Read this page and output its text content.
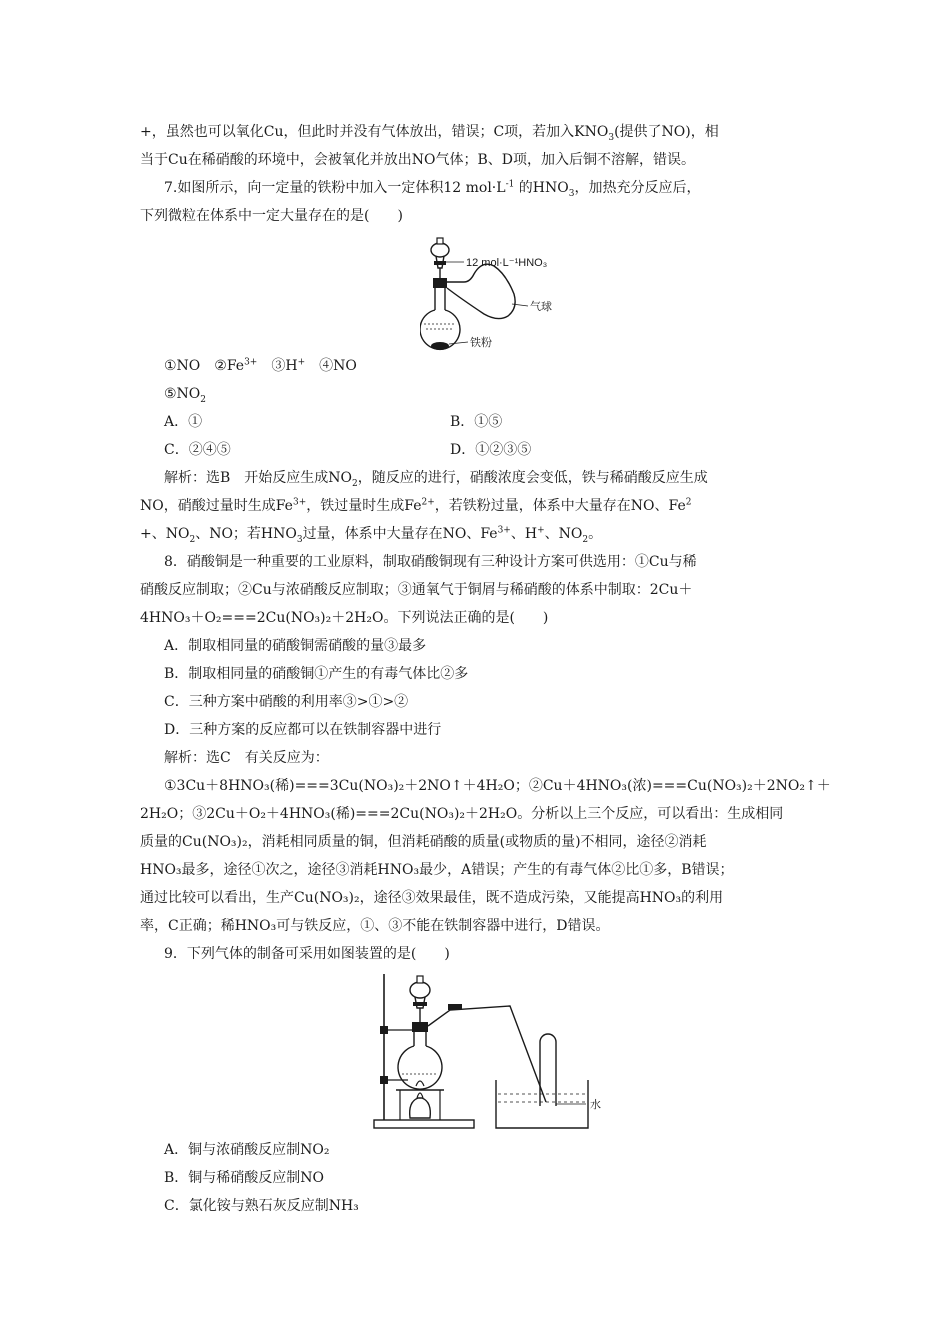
+，虽然也可以氧化Cu，但此时并没有气体放出，错误；C项，若加入$KNO_3$(提供了NO)，相
当于Cu在稀硝酸的环境中，会被氧化并放出NO气体；B、D项，加入后铜不溶解，错误。
7.如图所示，向一定量的铁粉中加入一定体积12 $mol\cdot L^{-1}$ 的$HNO_3$，加热充分反应后，
下列微粒在体系中一定大量存在的是(　　)
12 mol·L⁻¹HNO₃
气球
铁粉
①NO　$②Fe^{3+}$　③H+　④NO
$⑤NO_2$
A．①	B．①⑤
C．②④⑤	D．①②③⑤
解析：选B　开始反应生成$NO_2$，随反应的进行，硝酸浓度会变低，铁与稀硝酸反应生成
NO，硝酸过量时生成$Fe^{3+}$，铁过量时生成$Fe^{2+}$，若铁粉过量，体系中大量存在NO、$Fe^2$
+、$NO_2$、NO；若$HNO_3$过量，体系中大量存在NO、$Fe^{3+}$、H+、$NO_2$。
8．硝酸铜是一种重要的工业原料，制取硝酸铜现有三种设计方案可供选用：①Cu与稀
硝酸反应制取；②Cu与浓硝酸反应制取；③通氧气于铜屑与稀硝酸的体系中制取：2Cu＋
4HNO₃＋O₂===2Cu(NO₃)₂＋2H₂O。下列说法正确的是(　　)
A．制取相同量的硝酸铜需硝酸的量③最多
B．制取相同量的硝酸铜①产生的有毒气体比②多
C．三种方案中硝酸的利用率③>①>②
D．三种方案的反应都可以在铁制容器中进行
解析：选C　有关反应为：
①3Cu＋8HNO₃(稀)===3Cu(NO₃)₂＋2NO↑＋4H₂O；②Cu＋4HNO₃(浓)===Cu(NO₃)₂＋2NO₂↑＋
2H₂O；③2Cu＋O₂＋4HNO₃(稀)===2Cu(NO₃)₂＋2H₂O。分析以上三个反应，可以看出：生成相同
质量的Cu(NO₃)₂，消耗相同质量的铜，但消耗硝酸的质量(或物质的量)不相同，途径②消耗
HNO₃最多，途径①次之，途径③消耗HNO₃最少，A错误；产生的有毒气体②比①多，B错误；
通过比较可以看出，生产Cu(NO₃)₂，途径③效果最佳，既不造成污染，又能提高HNO₃的利用
率，C正确；稀HNO₃可与铁反应，①、③不能在铁制容器中进行，D错误。
9．下列气体的制备可采用如图装置的是(　　)
水
A．铜与浓硝酸反应制NO₂
B．铜与稀硝酸反应制NO
C．氯化铵与熟石灰反应制NH₃
